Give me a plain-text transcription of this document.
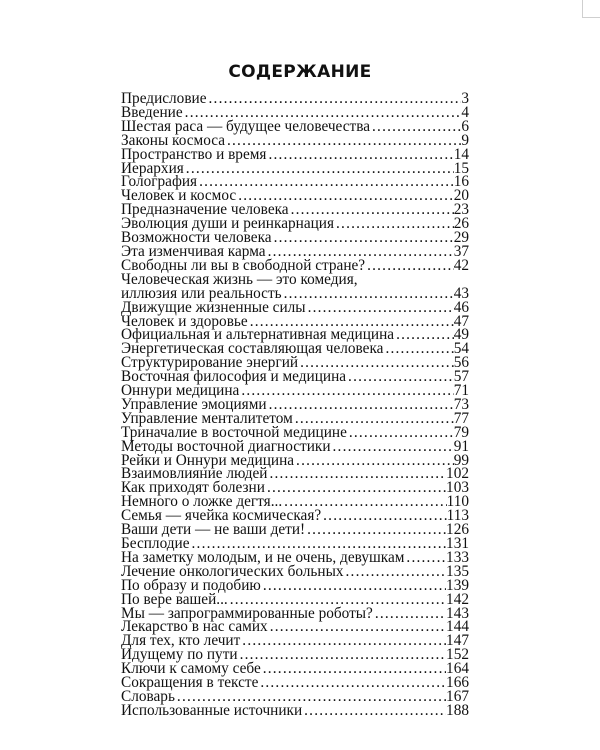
СОДЕРЖАНИЕ
Предисловие .....	3
Введение .....	4
Шестая раса — будущее человечества .....	6
Законы космоса .....	9
Пространство и время .....	14
Иерархия .....	15
Голография .....	16
Человек и космос .....	20
Предназначение человека .....	23
Эволюция души и реинкарнация .....	26
Возможности человека .....	29
Эта изменчивая карма .....	37
Свободны ли вы в свободной стране? .....	42
Человеческая жизнь — это комедия,
иллюзия или реальность .....	43
Движущие жизненные силы .....	46
Человек и здоровье .....	47
Официальная и альтернативная медицина .....	49
Энергетическая составляющая человека .....	54
Структурирование энергий .....	56
Восточная философия и медицина .....	57
Оннури медицина .....	71
Управление эмоциями .....	73
Управление менталитетом .....	77
Триначалие в восточной медицине .....	79
Методы восточной диагностики .....	91
Рейки и Оннури медицина .....	99
Взаимовлияние людей .....	102
Как приходят болезни .....	103
Немного о ложке дегтя... .....	110
Семья — ячейка космическая? .....	113
Ваши дети — не ваши дети! .....	126
Бесплодие .....	131
На заметку молодым, и не очень, девушкам .....	133
Лечение онкологических больных .....	135
По образу и подобию .....	139
По вере вашей... .....	142
Мы — запрограммированные роботы? .....	143
Лекарство в нас самих .....	144
Для тех, кто лечит .....	147
Идущему по пути .....	152
Ключи к самому себе .....	164
Сокращения в тексте .....	166
Словарь .....	167
Использованные источники .....	188
